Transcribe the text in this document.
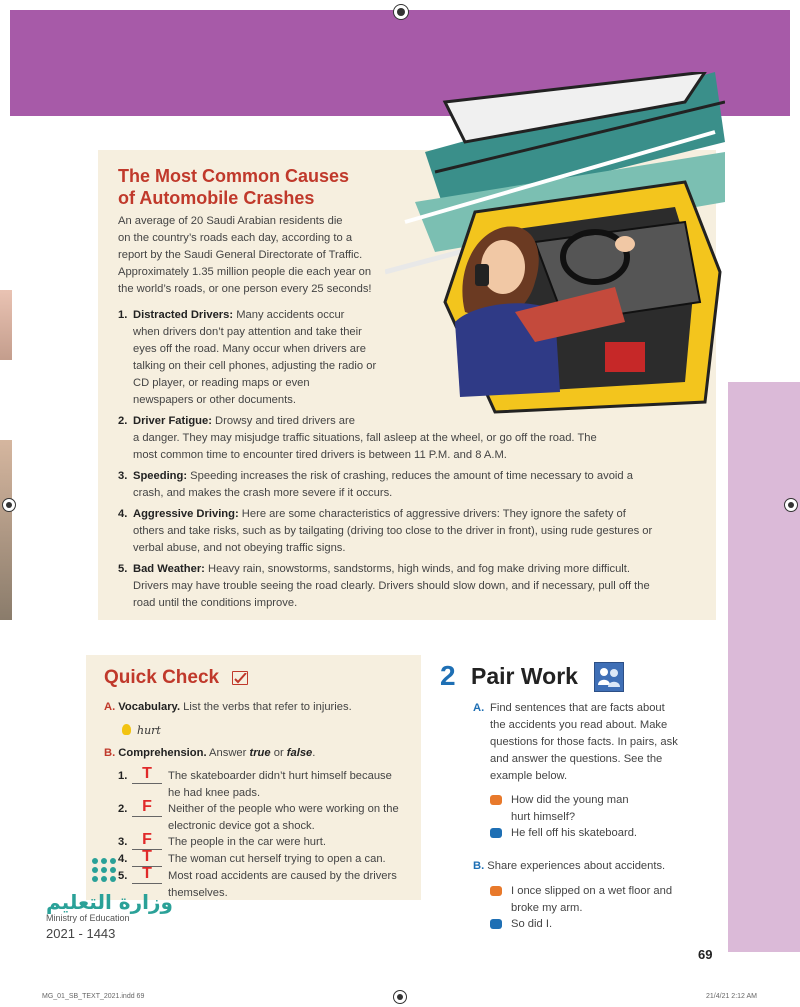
The Most Common Causes
of Automobile Crashes
An average of 20 Saudi Arabian residents die
on the country’s roads each day, according to a
report by the Saudi General Directorate of Traffic.
Approximately 1.35 million people die each year on
the world’s roads, or one person every 25 seconds!
1. Distracted Drivers: Many accidents occur
when drivers don’t pay attention and take their
eyes off the road. Many occur when drivers are
talking on their cell phones, adjusting the radio or
CD player, or reading maps or even
newspapers or other documents.
2. Driver Fatigue: Drowsy and tired drivers are
a danger. They may misjudge traffic situations, fall asleep at the wheel, or go off the road. The
most common time to encounter tired drivers is between 11 P.M. and 8 A.M.
3. Speeding: Speeding increases the risk of crashing, reduces the amount of time necessary to avoid a
crash, and makes the crash more severe if it occurs.
4. Aggressive Driving: Here are some characteristics of aggressive drivers: They ignore the safety of
others and take risks, such as by tailgating (driving too close to the driver in front), using rude gestures or
verbal abuse, and not obeying traffic signs.
5. Bad Weather: Heavy rain, snowstorms, sandstorms, high winds, and fog make driving more difficult.
Drivers may have trouble seeing the road clearly. Drivers should slow down, and if necessary, pull off the
road until the conditions improve.
Quick Check
A. Vocabulary. List the verbs that refer to injuries.
hurt
B. Comprehension. Answer true or false.
1. T	The skateboarder didn’t hurt himself because
he had knee pads.
2. F	Neither of the people who were working on the
electronic device got a shock.
3. F	The people in the car were hurt.
4. T	The woman cut herself trying to open a can.
5. T	Most road accidents are caused by the drivers
themselves.
وزارة التعليم
Ministry of Education
2021 - 1443
2 Pair Work
A. Find sentences that are facts about
the accidents you read about. Make
questions for those facts. In pairs, ask
and answer the questions. See the
example below.
How did the young man
hurt himself?
He fell off his skateboard.
B. Share experiences about accidents.
I once slipped on a wet floor and
broke my arm.
So did I.
69
MG_01_SB_TEXT_2021.indd 69	21/4/21 2:12 AM
